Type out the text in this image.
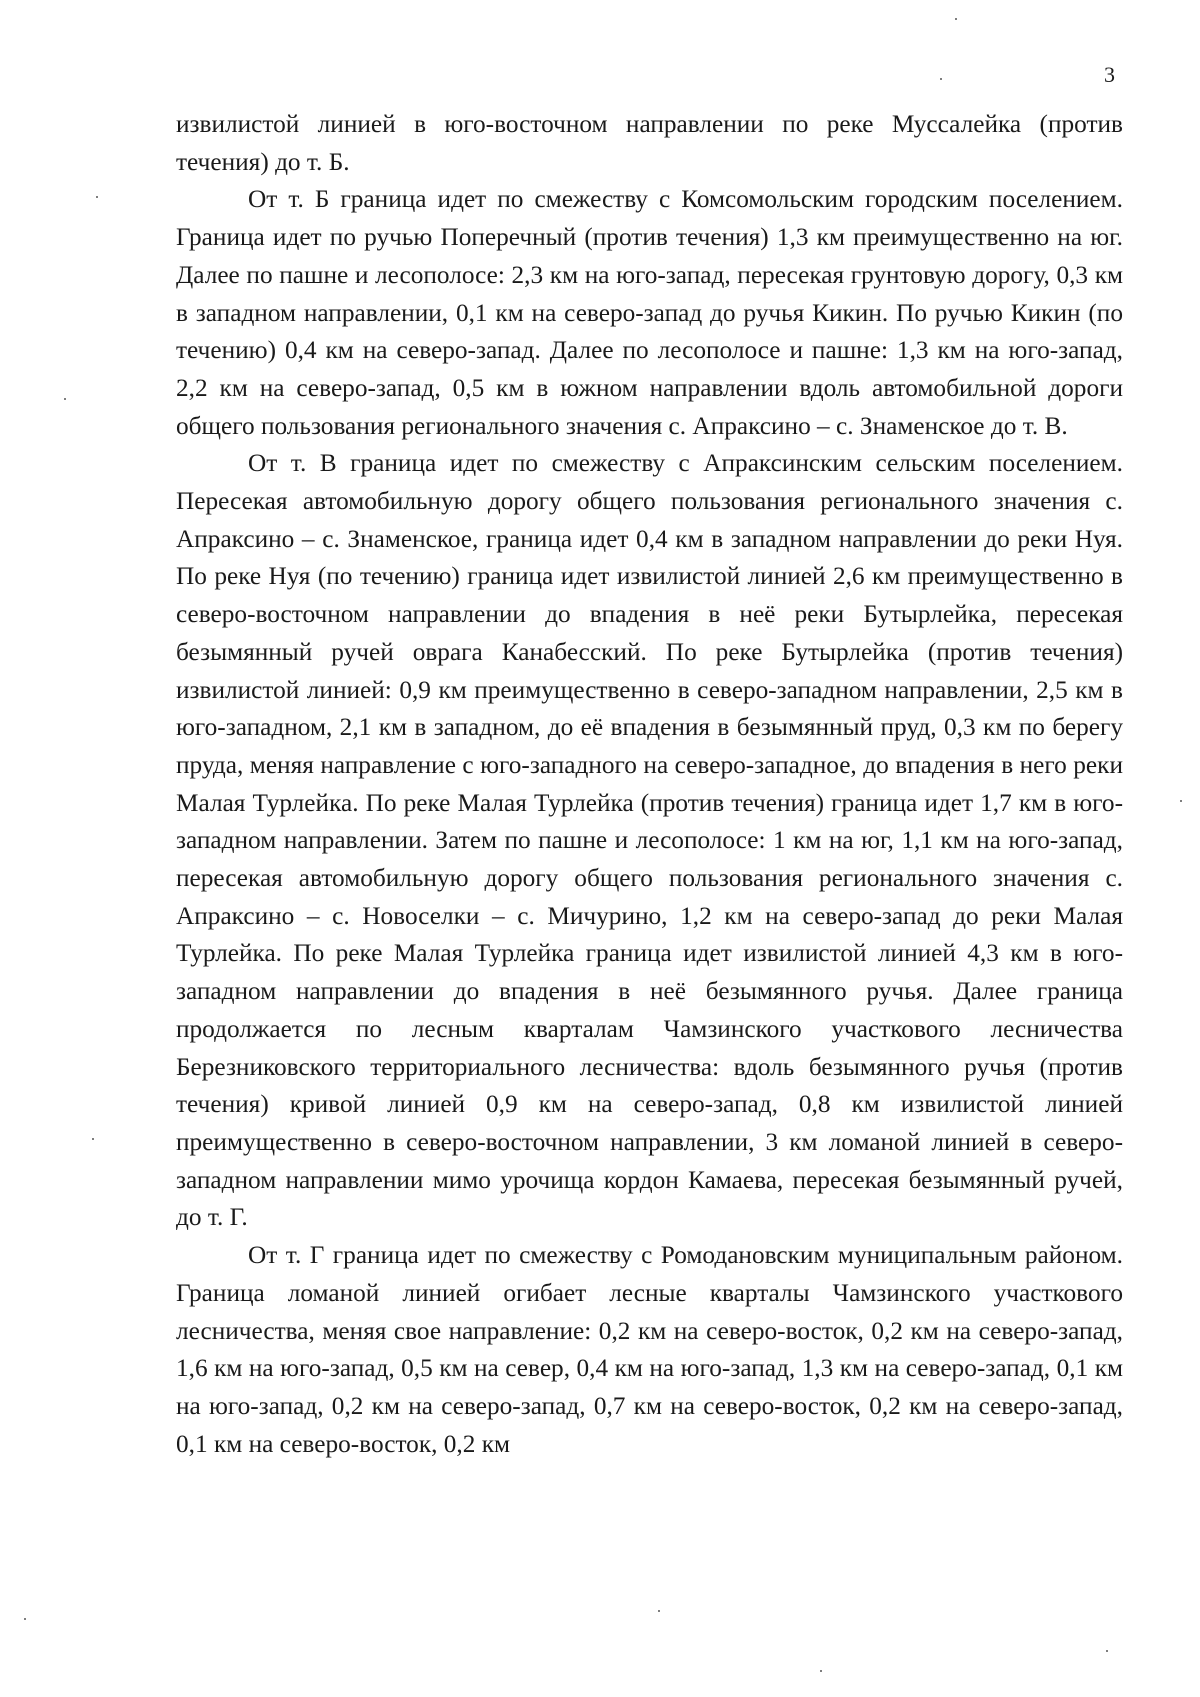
3

извилистой линией в юго-восточном направлении по реке Муссалейка (против течения) до т. Б.

От т. Б граница идет по смежеству с Комсомольским городским поселением. Граница идет по ручью Поперечный (против течения) 1,3 км преимущественно на юг. Далее по пашне и лесополосе: 2,3 км на юго-запад, пересекая грунтовую дорогу, 0,3 км в западном направлении, 0,1 км на северо-запад до ручья Кикин. По ручью Кикин (по течению) 0,4 км на северо-запад. Далее по лесополосе и пашне: 1,3 км на юго-запад, 2,2 км на северо-запад, 0,5 км в южном направлении вдоль автомобильной дороги общего пользования регионального значения с. Апраксино – с. Знаменское до т. В.

От т. В граница идет по смежеству с Апраксинским сельским поселением. Пересекая автомобильную дорогу общего пользования регионального значения с. Апраксино – с. Знаменское, граница идет 0,4 км в западном направлении до реки Нуя. По реке Нуя (по течению) граница идет извилистой линией 2,6 км преимущественно в северо-восточном направлении до впадения в неё реки Бутырлейка, пересекая безымянный ручей оврага Канабесский. По реке Бутырлейка (против течения) извилистой линией: 0,9 км преимущественно в северо-западном направлении, 2,5 км в юго-западном, 2,1 км в западном, до её впадения в безымянный пруд, 0,3 км по берегу пруда, меняя направление с юго-западного на северо-западное, до впадения в него реки Малая Турлейка. По реке Малая Турлейка (против течения) граница идет 1,7 км в юго-западном направлении. Затем по пашне и лесополосе: 1 км на юг, 1,1 км на юго-запад, пересекая автомобильную дорогу общего пользования регионального значения с. Апраксино – с. Новоселки – с. Мичурино, 1,2 км на северо-запад до реки Малая Турлейка. По реке Малая Турлейка граница идет извилистой линией 4,3 км в юго-западном направлении до впадения в неё безымянного ручья. Далее граница продолжается по лесным кварталам Чамзинского участкового лесничества Березниковского территориального лесничества: вдоль безымянного ручья (против течения) кривой линией 0,9 км на северо-запад, 0,8 км извилистой линией преимущественно в северо-восточном направлении, 3 км ломаной линией в северо-западном направлении мимо урочища кордон Камаева, пересекая безымянный ручей, до т. Г.

От т. Г граница идет по смежеству с Ромодановским муниципальным районом. Граница ломаной линией огибает лесные кварталы Чамзинского участкового лесничества, меняя свое направление: 0,2 км на северо-восток, 0,2 км на северо-запад, 1,6 км на юго-запад, 0,5 км на север, 0,4 км на юго-запад, 1,3 км на северо-запад, 0,1 км на юго-запад, 0,2 км на северо-запад, 0,7 км на северо-восток, 0,2 км на северо-запад, 0,1 км на северо-восток, 0,2 км
